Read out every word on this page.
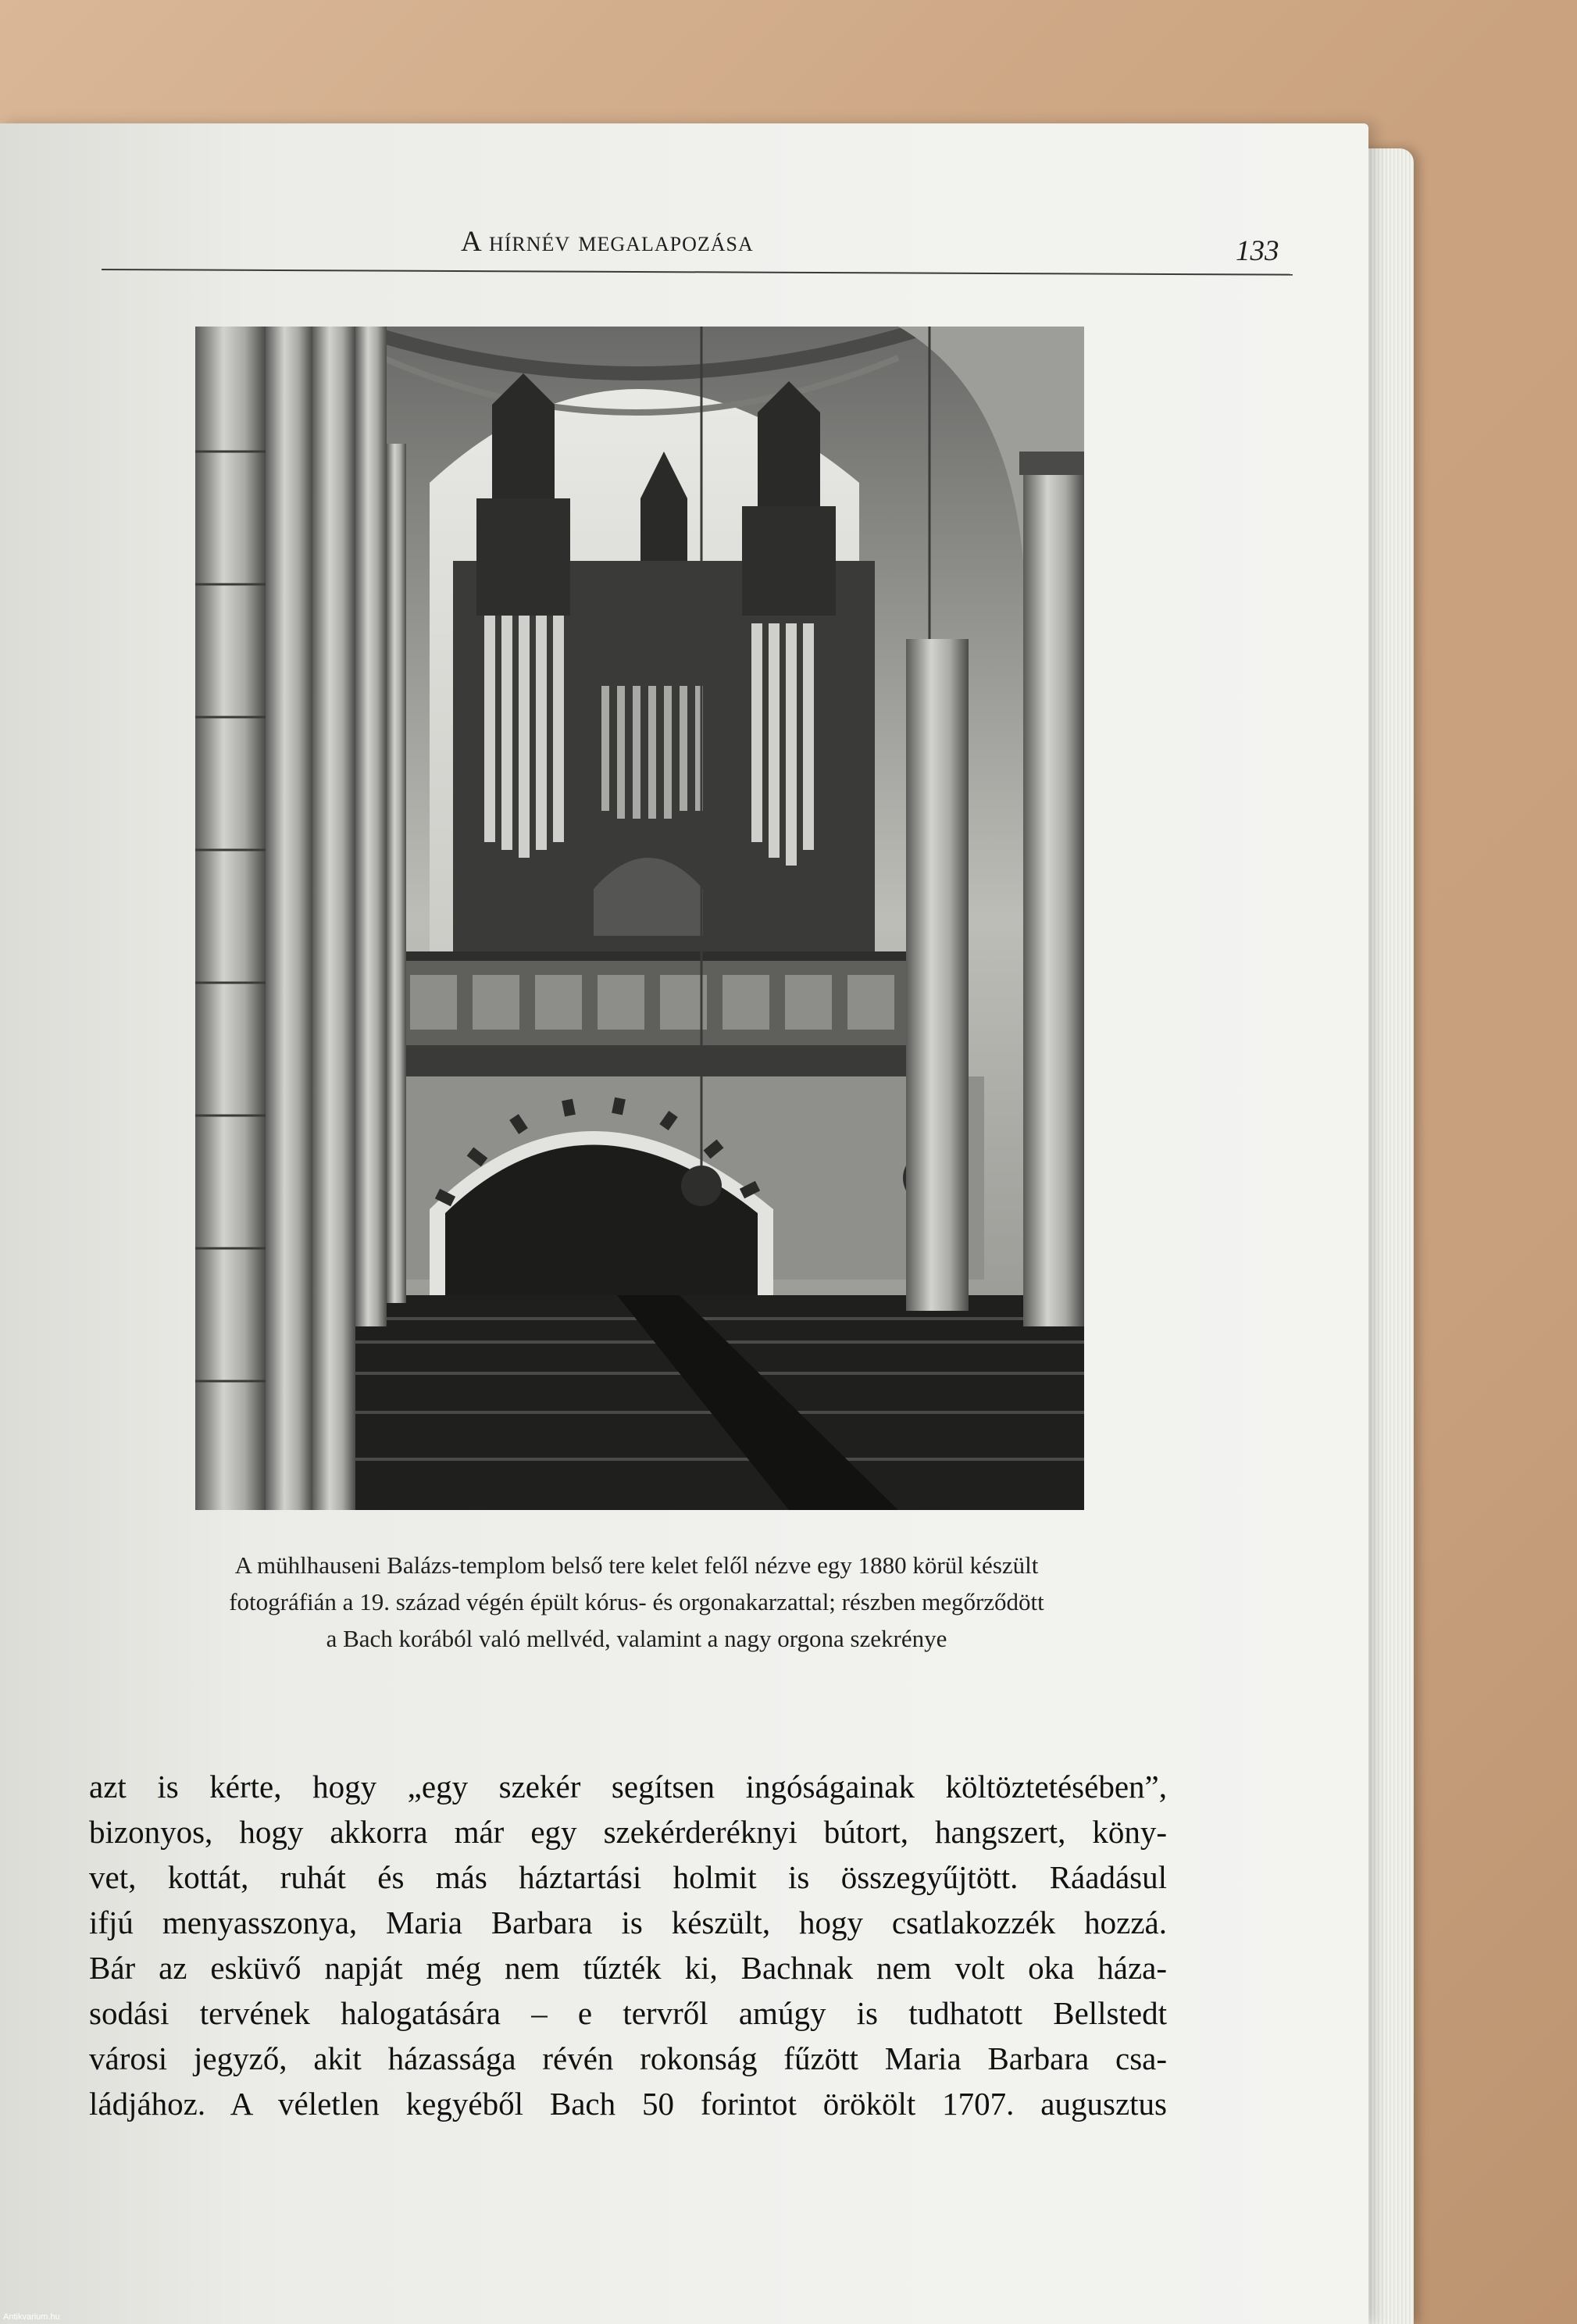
A hírnév megalapozása	133
A mühlhauseni Balázs-templom belső tere kelet felől nézve egy 1880 körül készült
fotográfián a 19. század végén épült kórus- és orgonakarzattal; részben megőrződött
a Bach korából való mellvéd, valamint a nagy orgona szekrénye
azt is kérte, hogy „egy szekér segítsen ingóságainak költöztetésében”,
bizonyos, hogy akkorra már egy szekérderéknyi bútort, hangszert, köny-
vet, kottát, ruhát és más háztartási holmit is összegyűjtött. Ráadásul
ifjú menyasszonya, Maria Barbara is készült, hogy csatlakozzék hozzá.
Bár az esküvő napját még nem tűzték ki, Bachnak nem volt oka háza-
sodási tervének halogatására – e tervről amúgy is tudhatott Bellstedt
városi jegyző, akit házassága révén rokonság fűzött Maria Barbara csa-
ládjához. A véletlen kegyéből Bach 50 forintot örökölt 1707. augusztus
Antikvarium.hu
